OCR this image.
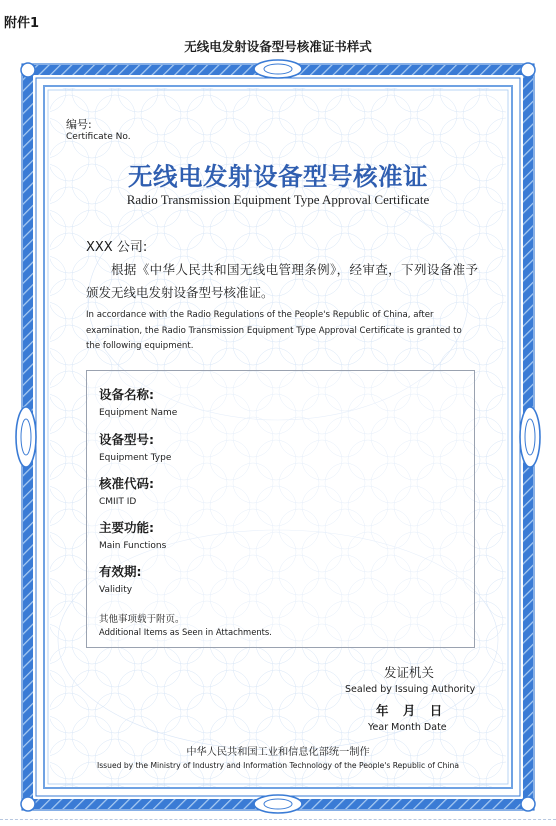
附件1
无线电发射设备型号核准证书样式
编号:
Certificate No.
无线电发射设备型号核准证
Radio Transmission Equipment Type Approval Certificate
XXX 公司:
根据《中华人民共和国无线电管理条例》，经审查，下列设备准予颁发无线电发射设备型号核准证。
In accordance with the Radio Regulations of the People's Republic of China, after examination, the Radio Transmission Equipment Type Approval Certificate is granted to the following equipment.
设备名称:
Equipment Name
设备型号:
Equipment Type
核准代码:
CMIIT ID
主要功能:
Main Functions
有效期:
Validity
其他事项载于附页。
Additional Items as Seen in Attachments.
发证机关
Sealed by Issuing Authority
年 月 日
Year Month Date
中华人民共和国工业和信息化部统一制作
Issued by the Ministry of Industry and Information Technology of the People's Republic of China
